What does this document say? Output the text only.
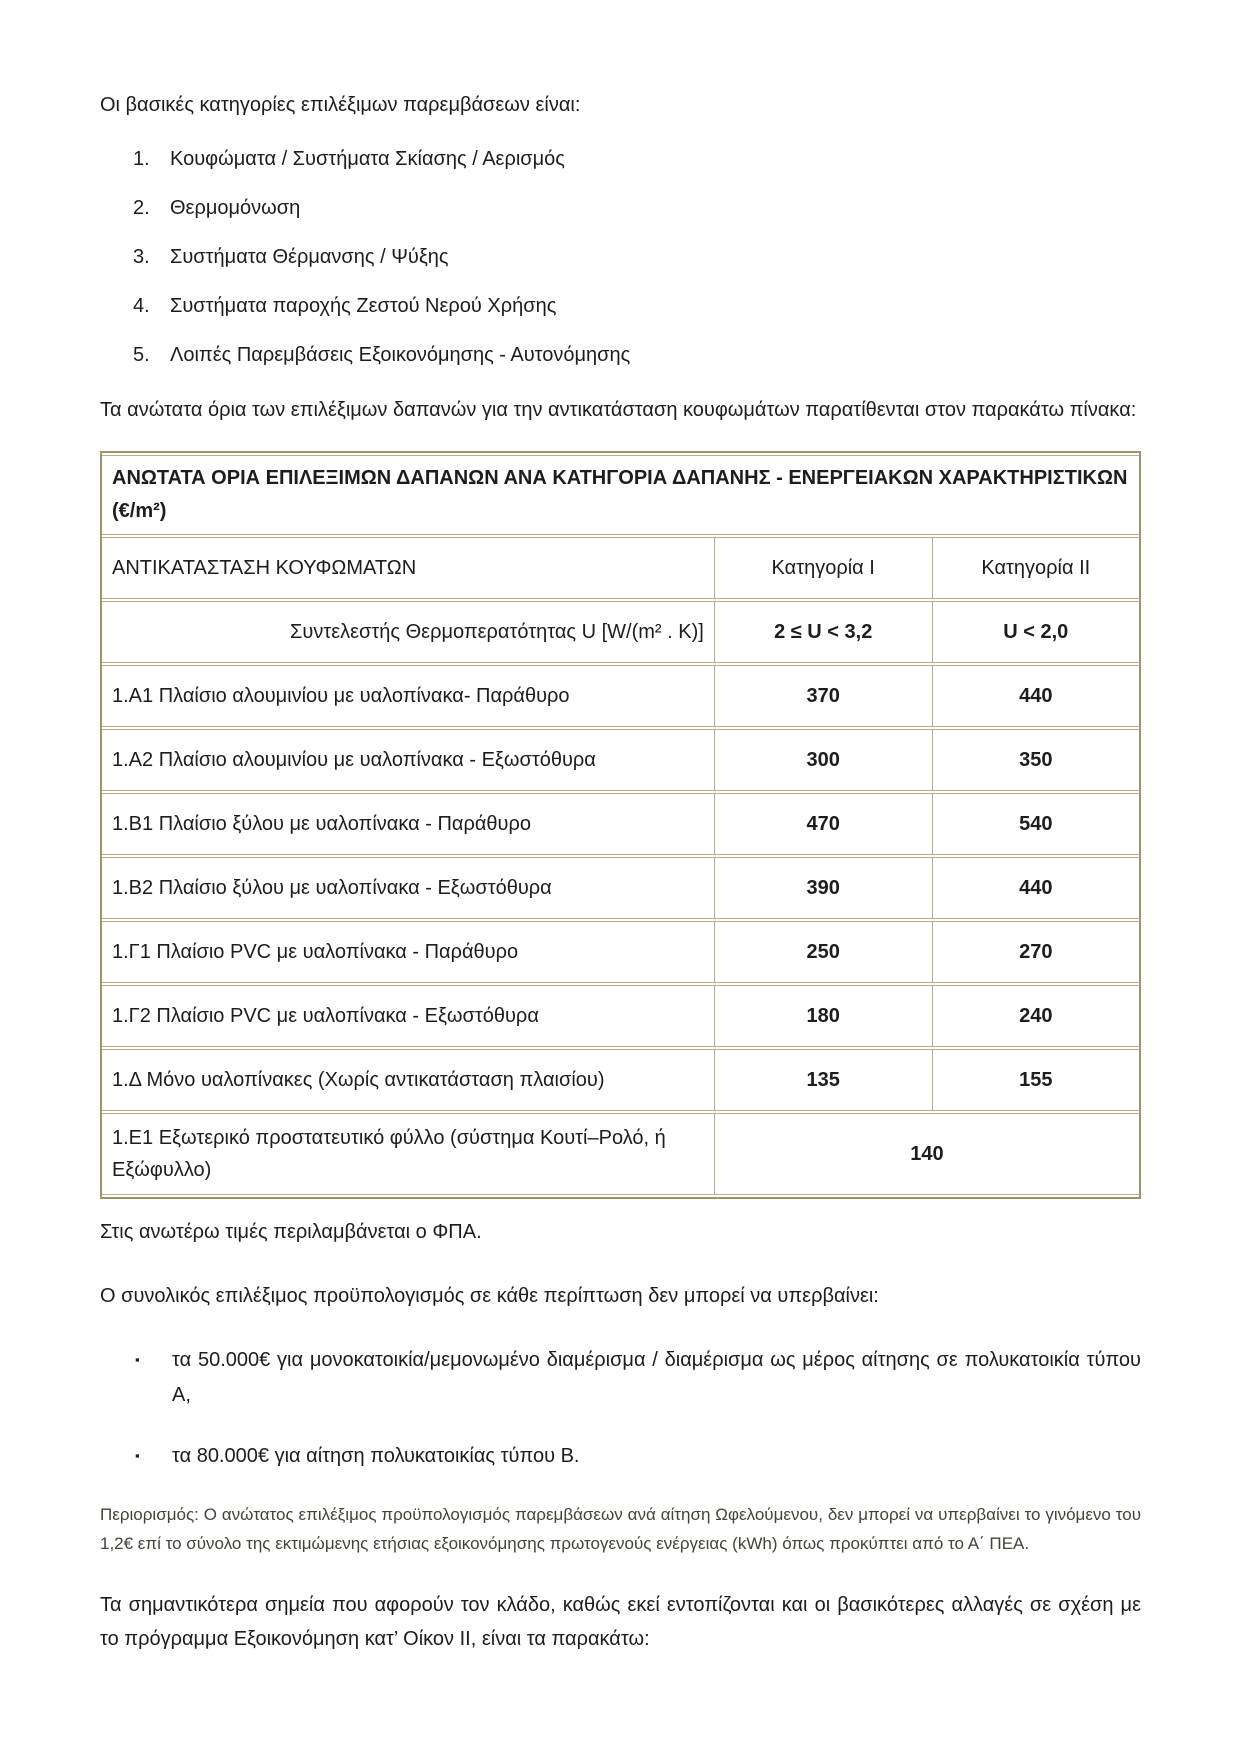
Οι βασικές κατηγορίες επιλέξιμων παρεμβάσεων είναι:

1.	Κουφώματα / Συστήματα Σκίασης / Αερισμός
2.	Θερμομόνωση
3.	Συστήματα Θέρμανσης / Ψύξης
4.	Συστήματα παροχής Ζεστού Νερού Χρήσης
5.	Λοιπές Παρεμβάσεις Εξοικονόμησης - Αυτονόμησης

Τα ανώτατα όρια των επιλέξιμων δαπανών για την αντικατάσταση κουφωμάτων παρατίθενται στον παρακάτω πίνακα:

ΑΝΩΤΑΤΑ ΟΡΙΑ ΕΠΙΛΕΞΙΜΩΝ ΔΑΠΑΝΩΝ ΑΝΑ ΚΑΤΗΓΟΡΙΑ ΔΑΠΑΝΗΣ - ΕΝΕΡΓΕΙΑΚΩΝ ΧΑΡΑΚΤΗΡΙΣΤΙΚΩΝ (€/m²)		
ΑΝΤΙΚΑΤΑΣΤΑΣΗ ΚΟΥΦΩΜΑΤΩΝ	Κατηγορία Ι	Κατηγορία ΙΙ
Συντελεστής Θερμοπερατότητας U [W/(m² . K)]	2 ≤ U < 3,2	U < 2,0
1.Α1 Πλαίσιο αλουμινίου με υαλοπίνακα- Παράθυρο	370	440
1.Α2 Πλαίσιο αλουμινίου με υαλοπίνακα - Εξωστόθυρα	300	350
1.Β1 Πλαίσιο ξύλου με υαλοπίνακα - Παράθυρο	470	540
1.Β2 Πλαίσιο ξύλου με υαλοπίνακα - Εξωστόθυρα	390	440
1.Γ1 Πλαίσιο PVC με υαλοπίνακα - Παράθυρο	250	270
1.Γ2 Πλαίσιο PVC με υαλοπίνακα - Εξωστόθυρα	180	240
1.Δ Μόνο υαλοπίνακες (Χωρίς αντικατάσταση πλαισίου)	135	155
1.Ε1 Εξωτερικό προστατευτικό φύλλο (σύστημα Κουτί–Ρολό, ή Εξώφυλλο)	140	

Στις ανωτέρω τιμές περιλαμβάνεται ο ΦΠΑ.

Ο συνολικός επιλέξιμος προϋπολογισμός σε κάθε περίπτωση δεν μπορεί να υπερβαίνει:

▪	τα 50.000€ για μονοκατοικία/μεμονωμένο διαμέρισμα / διαμέρισμα ως μέρος αίτησης σε πολυκατοικία τύπου Α,
▪	τα 80.000€ για αίτηση πολυκατοικίας τύπου Β.

Περιορισμός: Ο ανώτατος επιλέξιμος προϋπολογισμός παρεμβάσεων ανά αίτηση Ωφελούμενου, δεν μπορεί να υπερβαίνει το γινόμενο του 1,2€ επί το σύνολο της εκτιμώμενης ετήσιας εξοικονόμησης πρωτογενούς ενέργειας (kWh) όπως προκύπτει από το Α΄ ΠΕΑ.

Τα σημαντικότερα σημεία που αφορούν τον κλάδο, καθώς εκεί εντοπίζονται και οι βασικότερες αλλαγές σε σχέση με το πρόγραμμα Εξοικονόμηση κατ’ Οίκον ΙΙ, είναι τα παρακάτω:
